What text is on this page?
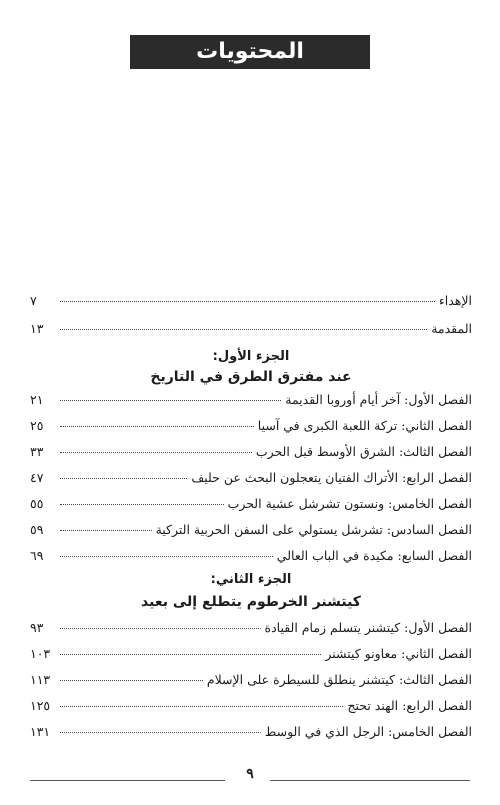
المحتويات
الإهداء
٧
المقدمة
١٣
الجزء الأول:
عند مفترق الطرق في التاريخ
الفصل الأول: آخر أيام أوروبا القديمة
٢١
الفصل الثاني: تركة اللعبة الكبرى في آسيا
٢٥
الفصل الثالث: الشرق الأوسط قبل الحرب
٣٣
الفصل الرابع: الأتراك الفتيان يتعجلون البحث عن حليف
٤٧
الفصل الخامس: ونستون تشرشل عشية الحرب
٥٥
الفصل السادس: تشرشل يستولي على السفن الحربية التركية
٥٩
الفصل السابع: مكيدة في الباب العالي
٦٩
الجزء الثاني:
كيتشنر الخرطوم يتطلع إلى بعيد
الفصل الأول: كيتشنر يتسلم زمام القيادة
٩٣
الفصل الثاني: معاونو كيتشنر
١٠٣
الفصل الثالث: كيتشنر ينطلق للسيطرة على الإسلام
١١٣
الفصل الرابع: الهند تحتج
١٢٥
الفصل الخامس: الرجل الذي في الوسط
١٣١
٩
